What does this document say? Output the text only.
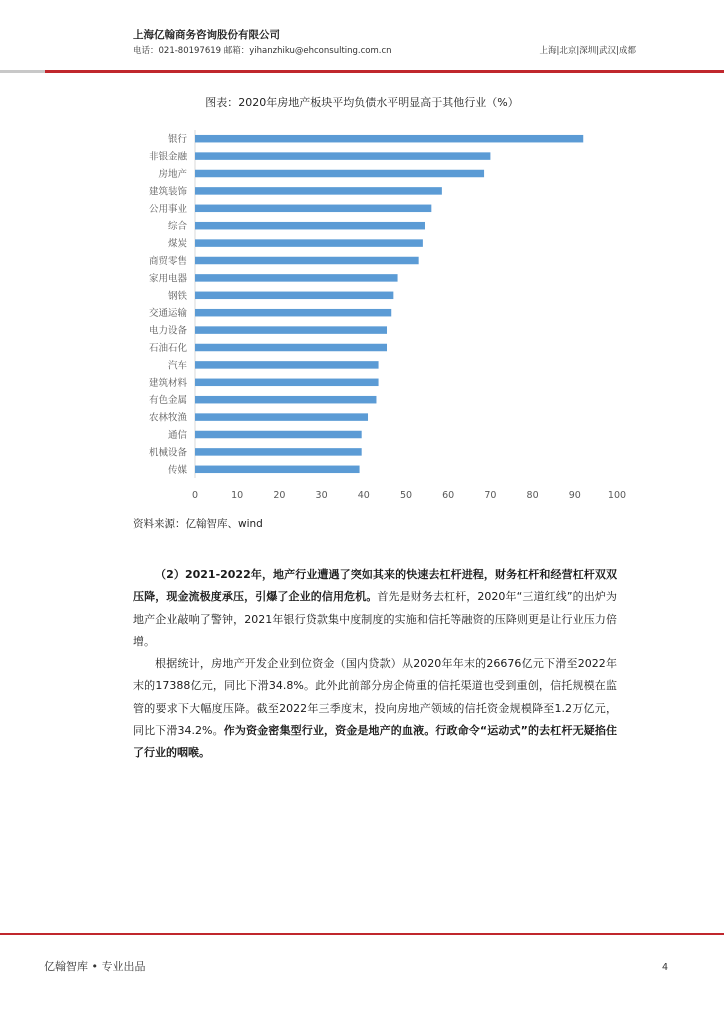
上海亿翰商务咨询股份有限公司
电话：021-80197619 邮箱：yihanzhiku@ehconsulting.com.cn	上海|北京|深圳|武汉|成都
图表：2020年房地产板块平均负债水平明显高于其他行业（%）
银行
非银金融
房地产
建筑装饰
公用事业
综合
煤炭
商贸零售
家用电器
钢铁
交通运输
电力设备
石油石化
汽车
建筑材料
有色金属
农林牧渔
通信
机械设备
传媒
0	10	20	30	40	50	60	70	80	90	100
资料来源：亿翰智库、wind

（2）2021-2022年，地产行业遭遇了突如其来的快速去杠杆进程，财务杠杆和经营杠杆双双压降，现金流极度承压，引爆了企业的信用危机。首先是财务去杠杆，2020年“三道红线”的出炉为地产企业敲响了警钟，2021年银行贷款集中度制度的实施和信托等融资的压降则更是让行业压力倍增。

根据统计，房地产开发企业到位资金（国内贷款）从2020年年末的26676亿元下滑至2022年末的17388亿元，同比下滑34.8%。此外此前部分房企倚重的信托渠道也受到重创，信托规模在监管的要求下大幅度压降。截至2022年三季度末，投向房地产领域的信托资金规模降至1.2万亿元，同比下滑34.2%。作为资金密集型行业，资金是地产的血液。行政命令“运动式”的去杠杆无疑掐住了行业的咽喉。

亿翰智库 • 专业出品	4
